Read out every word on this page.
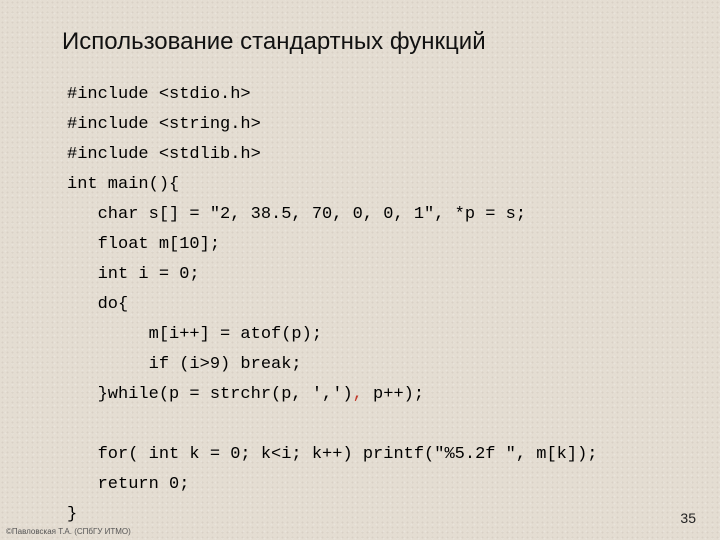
Использование стандартных функций
#include <stdio.h>
#include <string.h>
#include <stdlib.h>
int main(){
char s[] = "2, 38.5, 70, 0, 0, 1", *p = s;
float m[10];
int i = 0;
do{
m[i++] = atof(p);
if (i>9) break;
}while(p = strchr(p, ','), p++);
for( int k = 0; k<i; k++) printf("%5.2f ", m[k]);
return 0;
}
©Павловская Т.А. (СПбГУ ИТМО)
35
